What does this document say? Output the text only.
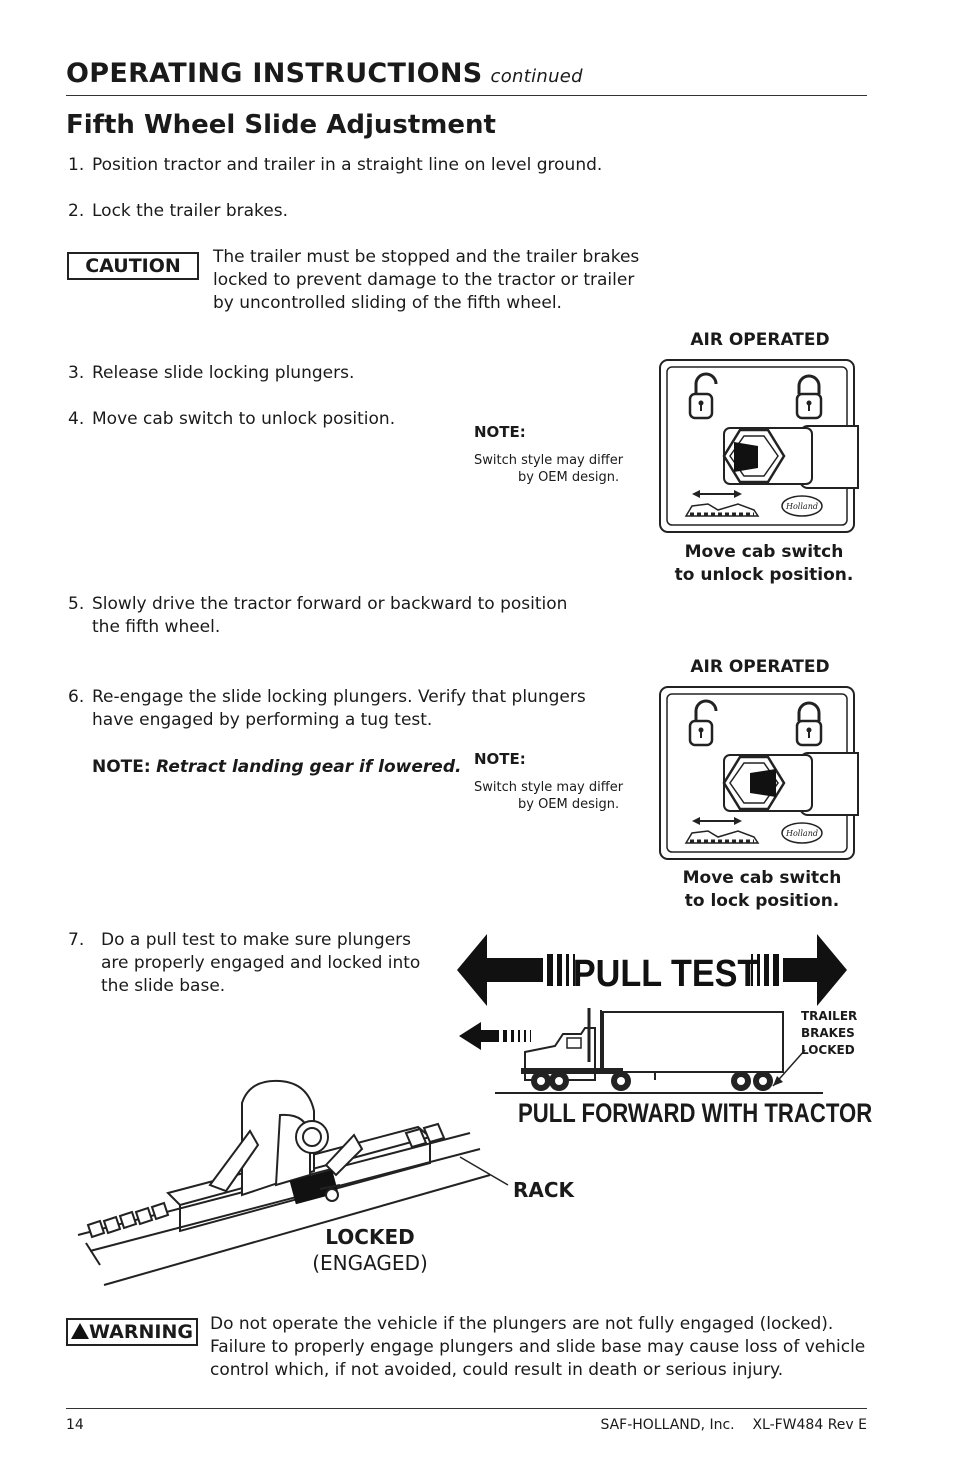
OPERATING INSTRUCTIONS continued
Fifth Wheel Slide Adjustment
1. Position tractor and trailer in a straight line on level ground.
2. Lock the trailer brakes.
CAUTION	The trailer must be stopped and the trailer brakes
locked to prevent damage to the tractor or trailer
by uncontrolled sliding of the fifth wheel.
3. Release slide locking plungers.
4. Move cab switch to unlock position.
AIR OPERATED
NOTE:
Switch style may differ
by OEM design.
Holland
Move cab switch
to unlock position.
5. Slowly drive the tractor forward or backward to position
the fifth wheel.
AIR OPERATED
6. Re-engage the slide locking plungers. Verify that plungers
have engaged by performing a tug test.
NOTE: Retract landing gear if lowered. NOTE:
Switch style may differ
by OEM design.
Holland
Move cab switch
to lock position.
7. Do a pull test to make sure plungers
are properly engaged and locked into
the slide base.	PULL TEST
TRAILER
BRAKES
LOCKED
PULL FORWARD WITH TRACTOR
RACK
LOCKED
(ENGAGED)
WARNING Do not operate the vehicle if the plungers are not fully engaged (locked).
Failure to properly engage plungers and slide base may cause loss of vehicle
control which, if not avoided, could result in death or serious injury.
14	SAF-HOLLAND, Inc. XL-FW484 Rev E
